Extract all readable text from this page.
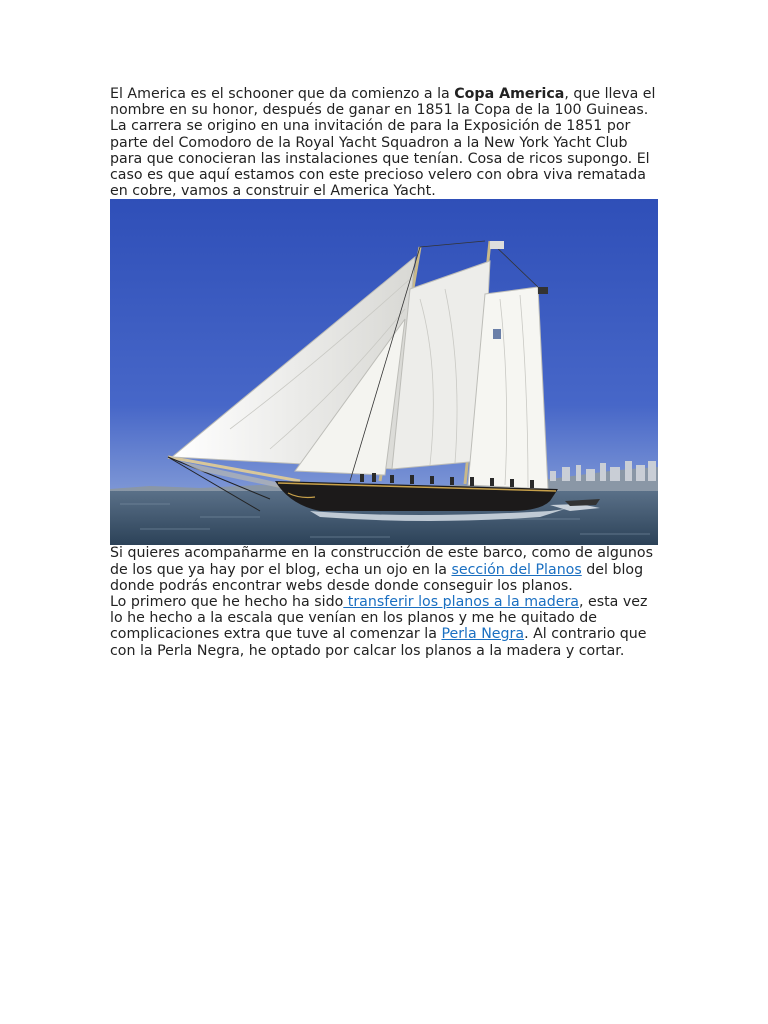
El America es el schooner que da comienzo a la Copa America, que lleva el nombre en su honor, después de ganar en 1851 la Copa de la 100 Guineas. La carrera se origino en una invitación de para la Exposición de 1851 por parte del Comodoro de la Royal Yacht Squadron a la New York Yacht Club para que conocieran las instalaciones que tenían. Cosa de ricos supongo. El caso es que aquí estamos con este precioso velero con obra viva rematada en cobre, vamos a construir el America Yacht.

Si quieres acompañarme en la construcción de este barco, como de algunos de los que ya hay por el blog, echa un ojo en la sección del Planos del blog donde podrás encontrar webs desde donde conseguir los planos.

Lo primero que he hecho ha sido transferir los planos a la madera, esta vez lo he hecho a la escala que venían en los planos y me he quitado de complicaciones extra que tuve al comenzar la Perla Negra. Al contrario que con la Perla Negra, he optado por calcar los planos a la madera y cortar.
